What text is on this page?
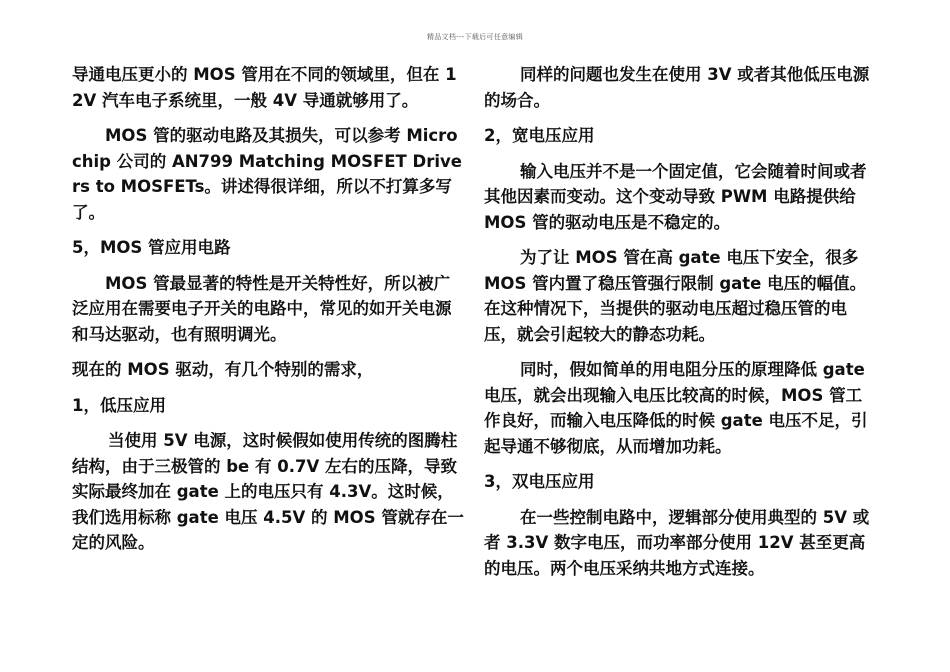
精品文档---下载后可任意编辑

导通电压更小的 MOS 管用在不同的领域里，但在 12V 汽车电子系统里，一般 4V 导通就够用了。

MOS 管的驱动电路及其损失，可以参考 Microchip 公司的 AN799 Matching MOSFET Drivers to MOSFETs。讲述得很详细，所以不打算多写了。

5，MOS 管应用电路

MOS 管最显著的特性是开关特性好，所以被广泛应用在需要电子开关的电路中，常见的如开关电源和马达驱动，也有照明调光。

现在的 MOS 驱动，有几个特别的需求，

1，低压应用

当使用 5V 电源，这时候假如使用传统的图腾柱结构，由于三极管的 be 有 0.7V 左右的压降，导致实际最终加在 gate 上的电压只有 4.3V。这时候，我们选用标称 gate 电压 4.5V 的 MOS 管就存在一定的风险。

同样的问题也发生在使用 3V 或者其他低压电源的场合。

2，宽电压应用

输入电压并不是一个固定值，它会随着时间或者其他因素而变动。这个变动导致 PWM 电路提供给 MOS 管的驱动电压是不稳定的。

为了让 MOS 管在高 gate 电压下安全，很多 MOS 管内置了稳压管强行限制 gate 电压的幅值。在这种情况下，当提供的驱动电压超过稳压管的电压，就会引起较大的静态功耗。

同时，假如简单的用电阻分压的原理降低 gate 电压，就会出现输入电压比较高的时候，MOS 管工作良好，而输入电压降低的时候 gate 电压不足，引起导通不够彻底，从而增加功耗。

3，双电压应用

在一些控制电路中，逻辑部分使用典型的 5V 或者 3.3V 数字电压，而功率部分使用 12V 甚至更高的电压。两个电压采纳共地方式连接。
